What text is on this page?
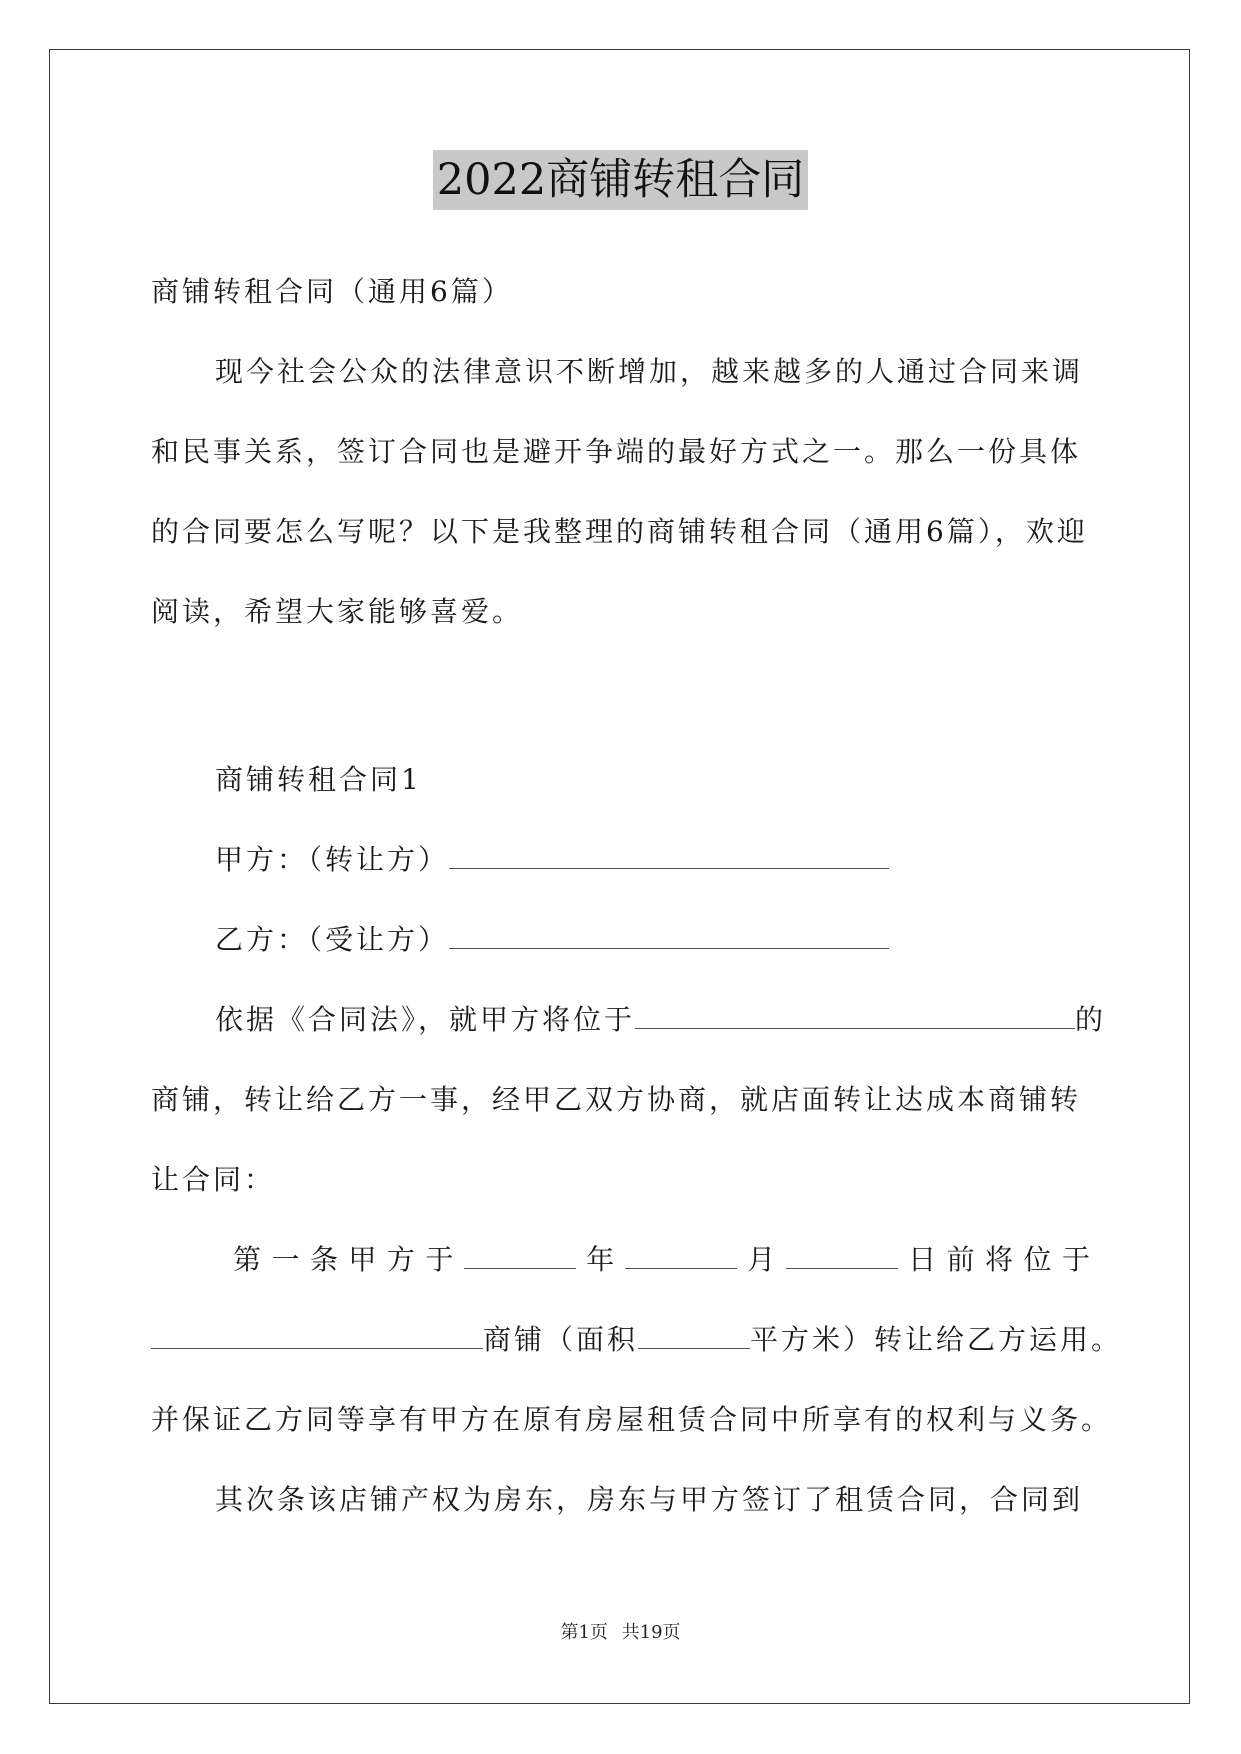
2022商铺转租合同
商铺转租合同（通用6篇）
现今社会公众的法律意识不断增加，越来越多的人通过合同来调
和民事关系，签订合同也是避开争端的最好方式之一。那么一份具体
的合同要怎么写呢？以下是我整理的商铺转租合同（通用6篇），欢迎
阅读，希望大家能够喜爱。
商铺转租合同1
甲方：（转让方）
乙方：（受让方）
依据《合同法》，就甲方将位于	的
商铺，转让给乙方一事，经甲乙双方协商，就店面转让达成本商铺转
让合同：
第 一 条 甲 方 于	年	月	日 前 将 位 于
商铺（面积	平方米）转让给乙方运用。
并保证乙方同等享有甲方在原有房屋租赁合同中所享有的权利与义务。
其次条该店铺产权为房东，房东与甲方签订了租赁合同，合同到
第1页 共19页
